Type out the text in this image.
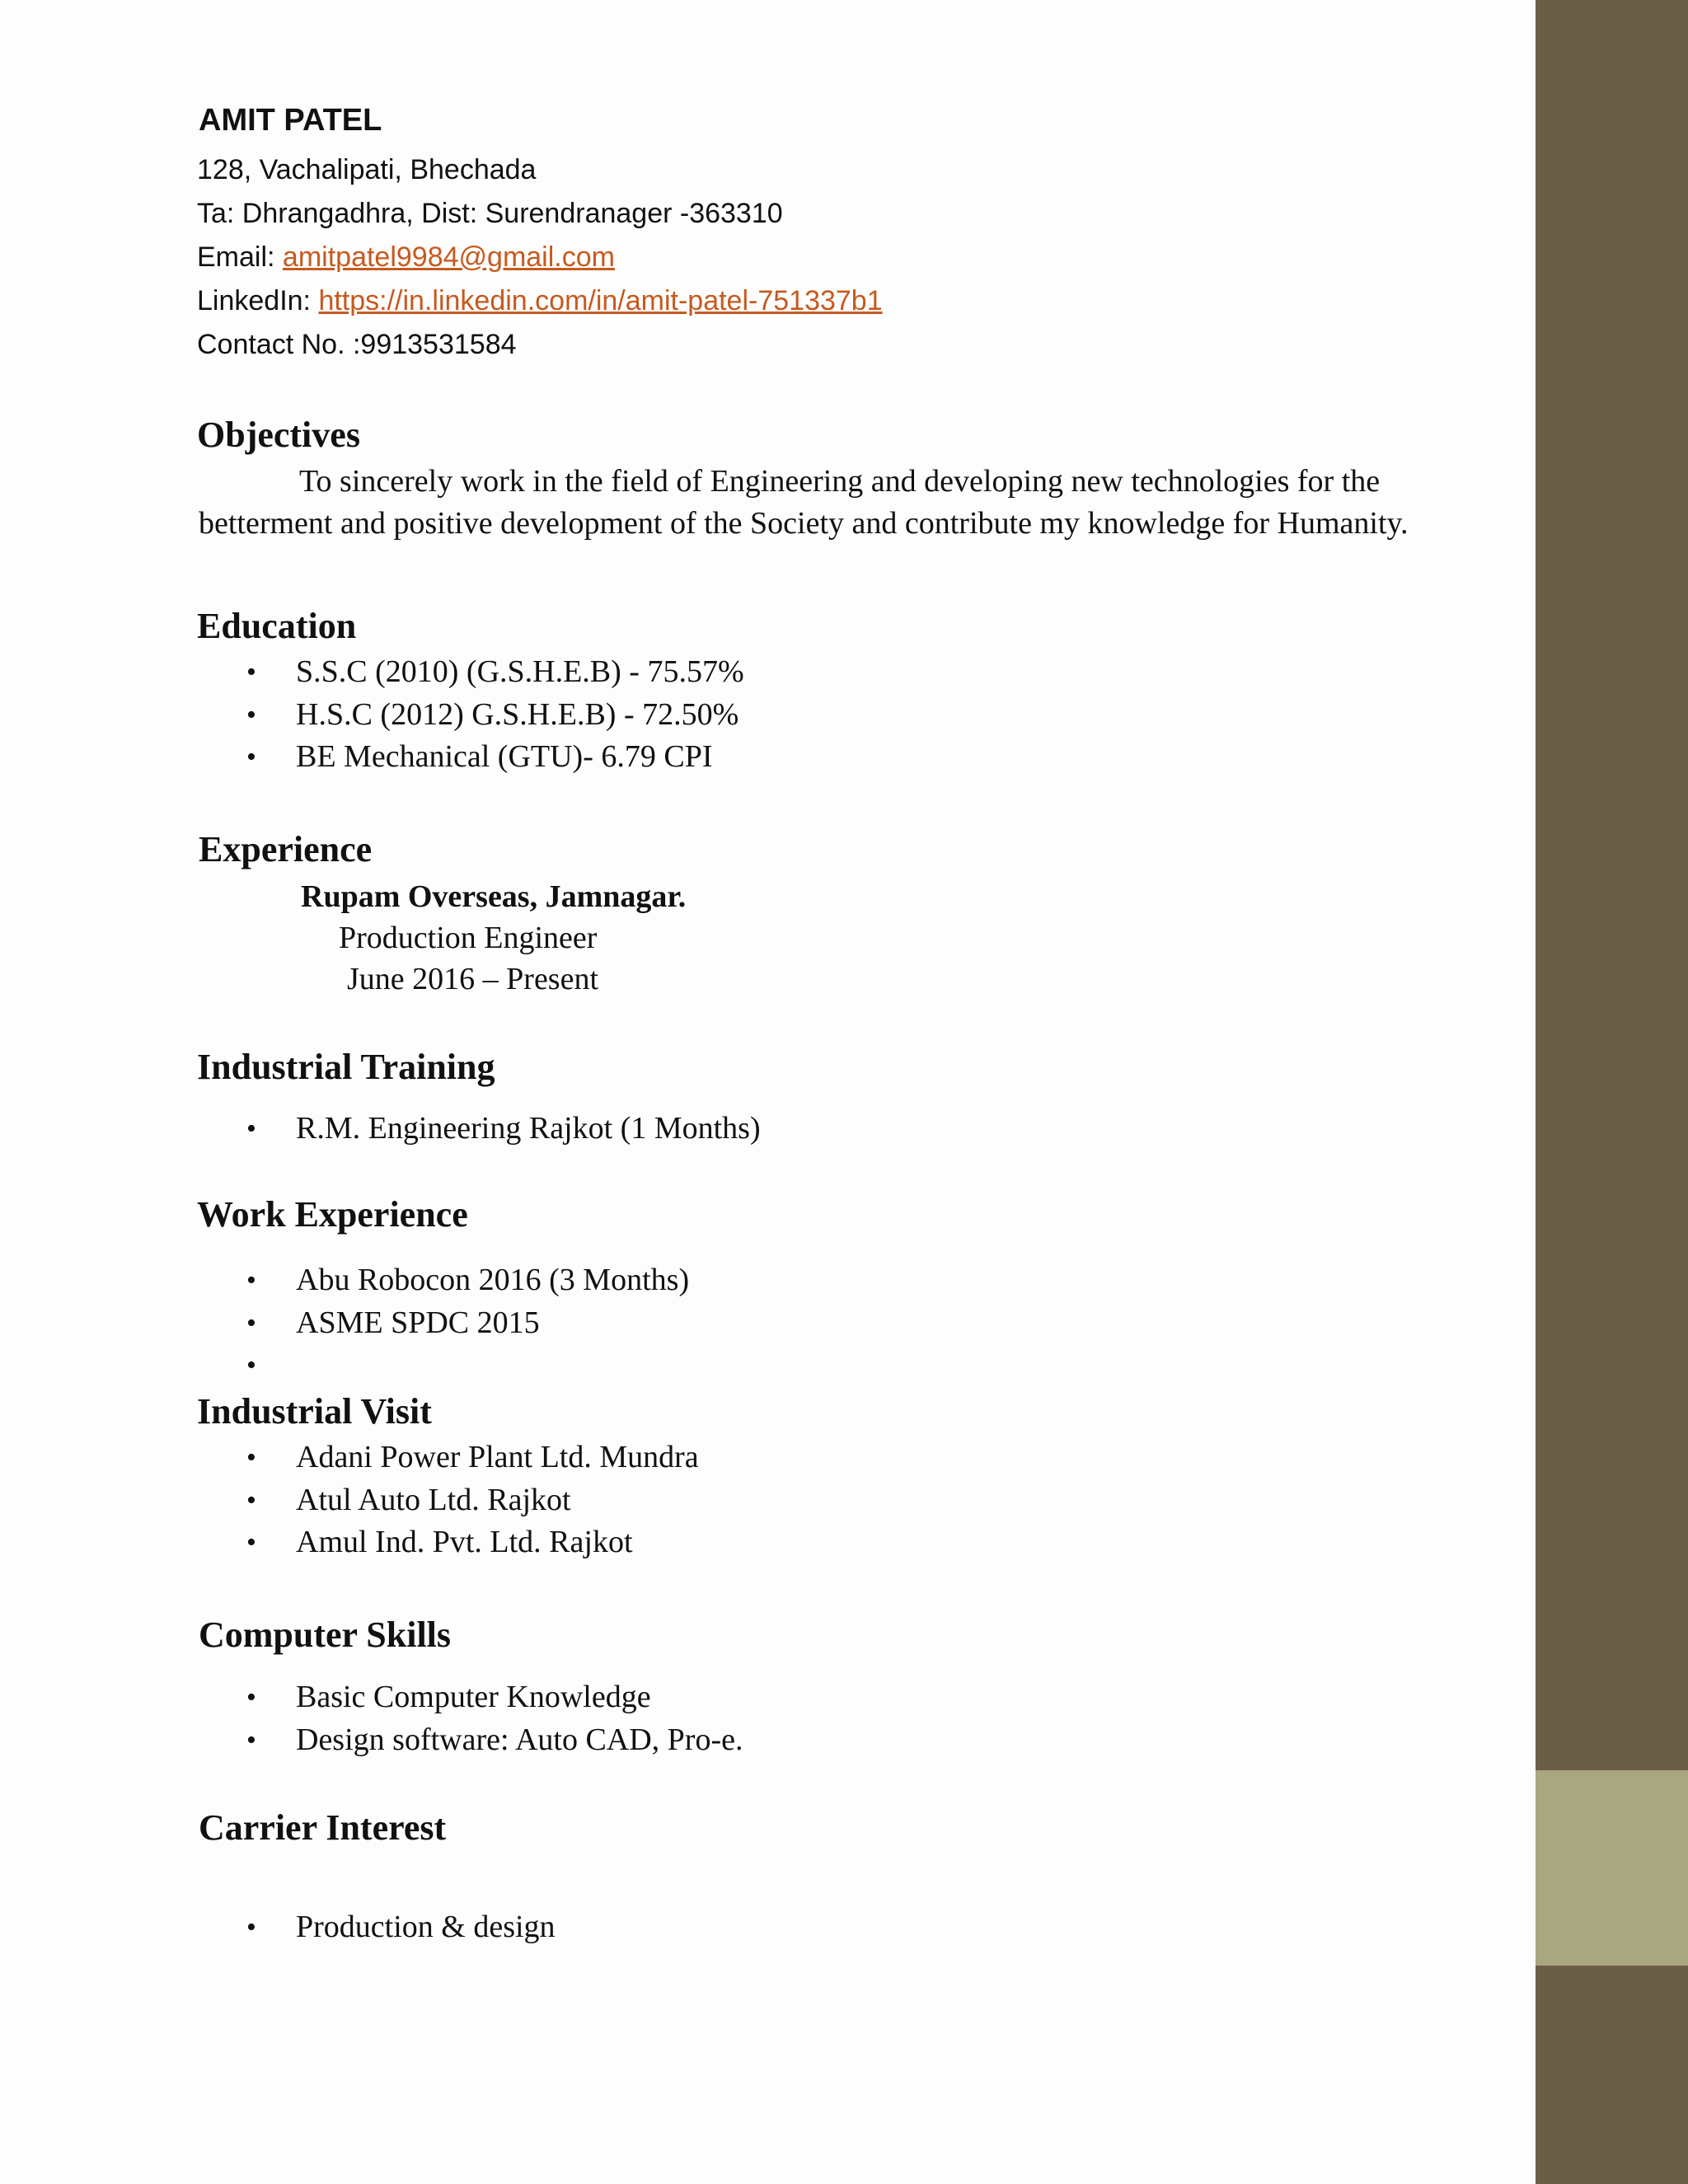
AMIT PATEL
128, Vachalipati, Bhechada
Ta: Dhrangadhra, Dist: Surendranager -363310
Email: amitpatel9984@gmail.com
LinkedIn: https://in.linkedin.com/in/amit-patel-751337b1
Contact No. :9913531584
Objectives
To sincerely work in the field of Engineering and developing new technologies for the
betterment and positive development of the Society and contribute my knowledge for Humanity.
Education
• S.S.C (2010) (G.S.H.E.B) - 75.57%
• H.S.C (2012) G.S.H.E.B) - 72.50%
• BE Mechanical (GTU)- 6.79 CPI
Experience
Rupam Overseas, Jamnagar.
Production Engineer
June 2016 – Present
Industrial Training
• R.M. Engineering Rajkot (1 Months)
Work Experience
• Abu Robocon 2016 (3 Months)
• ASME SPDC 2015
•
Industrial Visit
• Adani Power Plant Ltd. Mundra
• Atul Auto Ltd. Rajkot
• Amul Ind. Pvt. Ltd. Rajkot
Computer Skills
• Basic Computer Knowledge
• Design software: Auto CAD, Pro-e.
Carrier Interest
• Production & design
